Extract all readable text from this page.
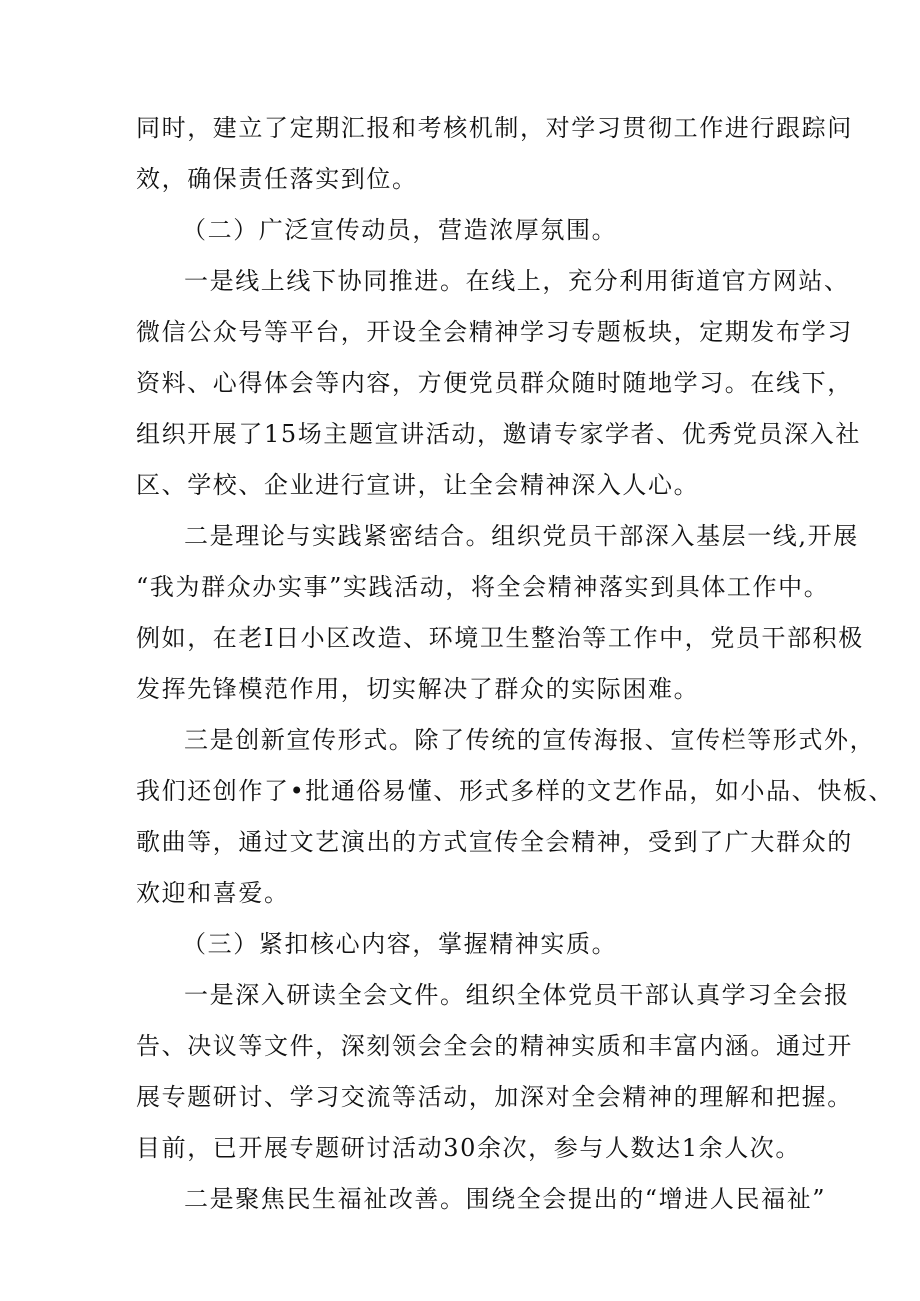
同时，建立了定期汇报和考核机制，对学习贯彻工作进行跟踪问
效，确保责任落实到位。
（二）广泛宣传动员，营造浓厚氛围。
一是线上线下协同推进。在线上，充分利用街道官方网站、
微信公众号等平台，开设全会精神学习专题板块，定期发布学习
资料、心得体会等内容，方便党员群众随时随地学习。在线下，
组织开展了15场主题宣讲活动，邀请专家学者、优秀党员深入社
区、学校、企业进行宣讲，让全会精神深入人心。
二是理论与实践紧密结合。组织党员干部深入基层一线,开展
“我为群众办实事”实践活动，将全会精神落实到具体工作中。
例如，在老I日小区改造、环境卫生整治等工作中，党员干部积极
发挥先锋模范作用，切实解决了群众的实际困难。
三是创新宣传形式。除了传统的宣传海报、宣传栏等形式外，
我们还创作了•批通俗易懂、形式多样的文艺作品，如小品、快板、
歌曲等，通过文艺演出的方式宣传全会精神，受到了广大群众的
欢迎和喜爱。
（三）紧扣核心内容，掌握精神实质。
一是深入研读全会文件。组织全体党员干部认真学习全会报
告、决议等文件，深刻领会全会的精神实质和丰富内涵。通过开
展专题研讨、学习交流等活动，加深对全会精神的理解和把握。
目前，已开展专题研讨活动30余次，参与人数达1余人次。
二是聚焦民生福祉改善。围绕全会提出的“增进人民福祉”
